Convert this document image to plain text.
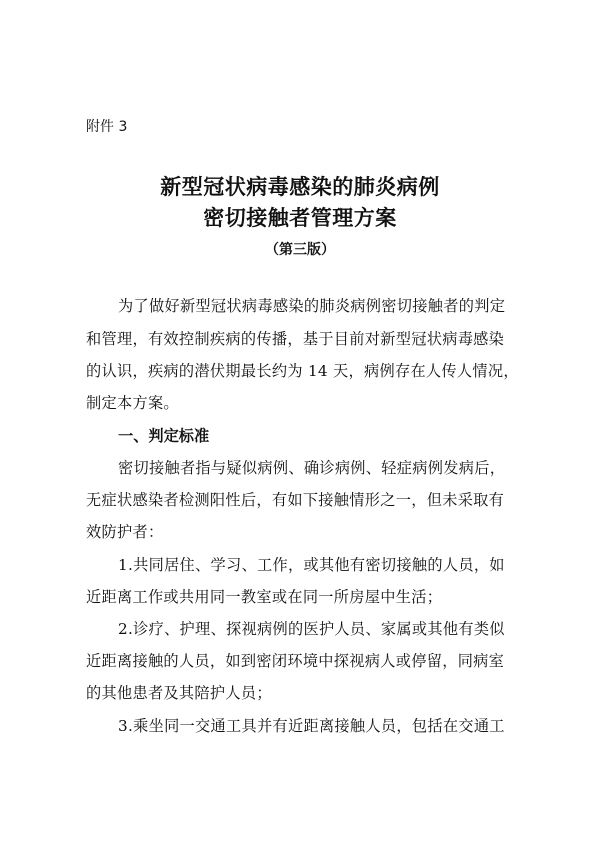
附件 3
新型冠状病毒感染的肺炎病例
密切接触者管理方案
（第三版）
为了做好新型冠状病毒感染的肺炎病例密切接触者的判定
和管理，有效控制疾病的传播，基于目前对新型冠状病毒感染
的认识，疾病的潜伏期最长约为 14 天，病例存在人传人情况，
制定本方案。
一、判定标准
密切接触者指与疑似病例、确诊病例、轻症病例发病后，
无症状感染者检测阳性后，有如下接触情形之一，但未采取有
效防护者：
1.共同居住、学习、工作，或其他有密切接触的人员，如
近距离工作或共用同一教室或在同一所房屋中生活；
2.诊疗、护理、探视病例的医护人员、家属或其他有类似
近距离接触的人员，如到密闭环境中探视病人或停留，同病室
的其他患者及其陪护人员；
3.乘坐同一交通工具并有近距离接触人员，包括在交通工
